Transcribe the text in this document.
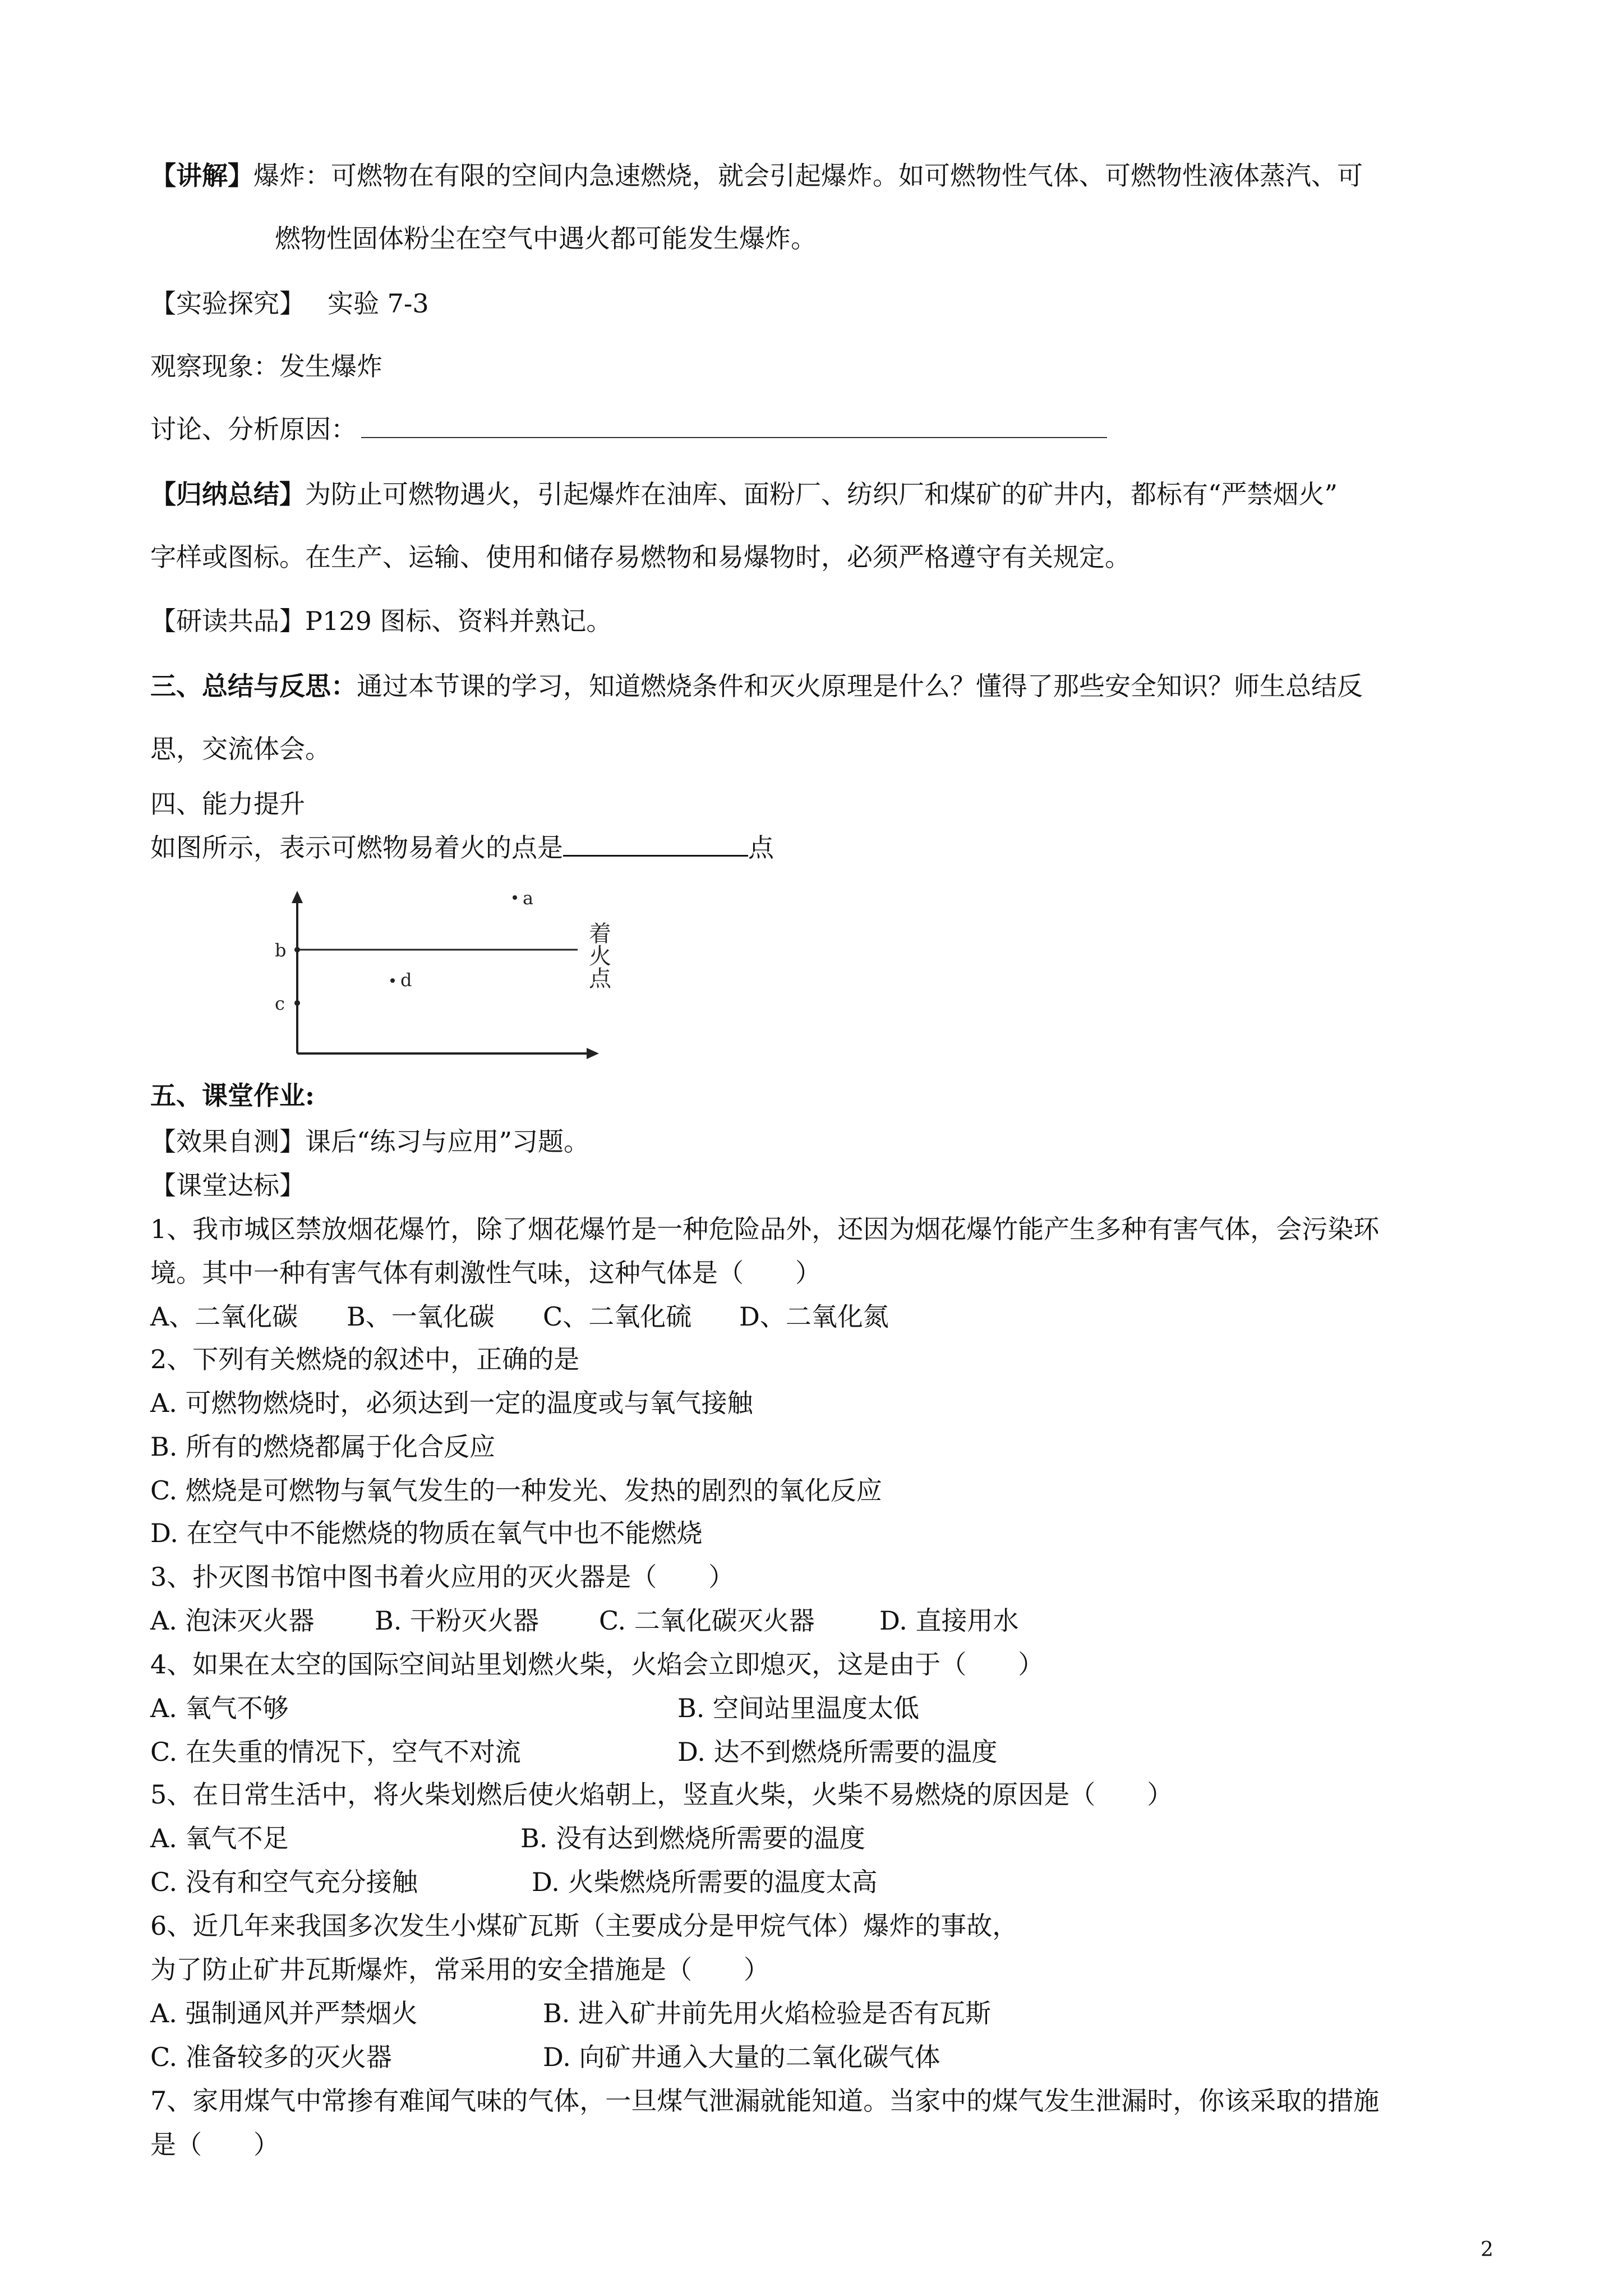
【讲解】爆炸：可燃物在有限的空间内急速燃烧，就会引起爆炸。如可燃物性气体、可燃物性液体蒸汽、可
燃物性固体粉尘在空气中遇火都可能发生爆炸。
【实验探究】 实验 7-3
观察现象：发生爆炸
讨论、分析原因：
【归纳总结】为防止可燃物遇火，引起爆炸在油库、面粉厂、纺织厂和煤矿的矿井内，都标有“严禁烟火”
字样或图标。在生产、运输、使用和储存易燃物和易爆物时，必须严格遵守有关规定。
【研读共品】P129 图标、资料并熟记。
三、总结与反思：通过本节课的学习，知道燃烧条件和灭火原理是什么？懂得了那些安全知识？师生总结反
思，交流体会。
四、能力提升
如图所示，表示可燃物易着火的点是	点
a
b
c
d
着火点
五、课堂作业:
【效果自测】课后“练习与应用”习题。
【课堂达标】
1、我市城区禁放烟花爆竹，除了烟花爆竹是一种危险品外，还因为烟花爆竹能产生多种有害气体，会污染环
境。其中一种有害气体有刺激性气味，这种气体是（　　）
A、二氧化碳 B、一氧化碳 C、二氧化硫 D、二氧化氮
2、下列有关燃烧的叙述中，正确的是
A. 可燃物燃烧时，必须达到一定的温度或与氧气接触
B. 所有的燃烧都属于化合反应
C. 燃烧是可燃物与氧气发生的一种发光、发热的剧烈的氧化反应
D. 在空气中不能燃烧的物质在氧气中也不能燃烧
3、扑灭图书馆中图书着火应用的灭火器是（　　）
A. 泡沫灭火器 B. 干粉灭火器 C. 二氧化碳灭火器	D. 直接用水
4、如果在太空的国际空间站里划燃火柴，火焰会立即熄灭，这是由于（　　）
A. 氧气不够	B. 空间站里温度太低
C. 在失重的情况下，空气不对流	D. 达不到燃烧所需要的温度
5、在日常生活中，将火柴划燃后使火焰朝上，竖直火柴，火柴不易燃烧的原因是（　　）
A. 氧气不足	B. 没有达到燃烧所需要的温度
C. 没有和空气充分接触	D. 火柴燃烧所需要的温度太高
6、近几年来我国多次发生小煤矿瓦斯（主要成分是甲烷气体）爆炸的事故，
为了防止矿井瓦斯爆炸，常采用的安全措施是（　　）
A. 强制通风并严禁烟火	B. 进入矿井前先用火焰检验是否有瓦斯
C. 准备较多的灭火器	D. 向矿井通入大量的二氧化碳气体
7、家用煤气中常掺有难闻气味的气体，一旦煤气泄漏就能知道。当家中的煤气发生泄漏时，你该采取的措施
是（　　）
2
